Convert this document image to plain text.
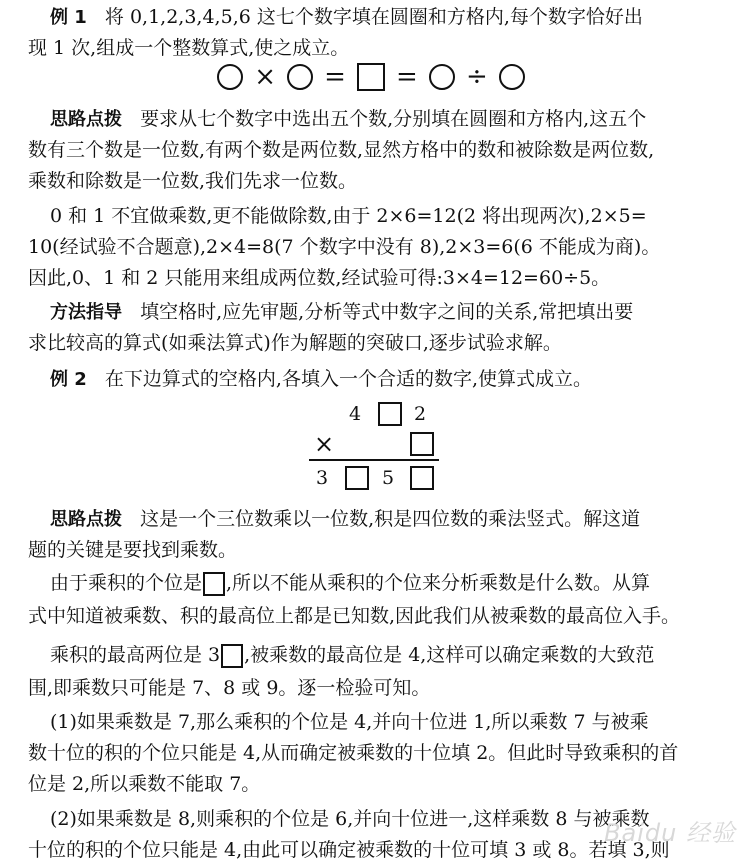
例 1 将 0,1,2,3,4,5,6 这七个数字填在圆圈和方格内,每个数字恰好出
现 1 次,组成一个整数算式,使之成立。
× = = ÷
思路点拨 要求从七个数字中选出五个数,分别填在圆圈和方格内,这五个
数有三个数是一位数,有两个数是两位数,显然方格中的数和被除数是两位数,
乘数和除数是一位数,我们先求一位数。
0 和 1 不宜做乘数,更不能做除数,由于 2×6=12(2 将出现两次),2×5=
10(经试验不合题意),2×4=8(7 个数字中没有 8),2×3=6(6 不能成为商)。
因此,0、1 和 2 只能用来组成两位数,经试验可得:3×4=12=60÷5。
方法指导 填空格时,应先审题,分析等式中数字之间的关系,常把填出要
求比较高的算式(如乘法算式)作为解题的突破口,逐步试验求解。
例 2 在下边算式的空格内,各填入一个合适的数字,使算式成立。
4	2
×
3	5
思路点拨 这是一个三位数乘以一位数,积是四位数的乘法竖式。解这道
题的关键是要找到乘数。
由于乘积的个位是 ,所以不能从乘积的个位来分析乘数是什么数。从算
式中知道被乘数、积的最高位上都是已知数,因此我们从被乘数的最高位入手。
乘积的最高两位是 3 ,被乘数的最高位是 4,这样可以确定乘数的大致范
围,即乘数只可能是 7、8 或 9。逐一检验可知。
(1)如果乘数是 7,那么乘积的个位是 4,并向十位进 1,所以乘数 7 与被乘
数十位的积的个位只能是 4,从而确定被乘数的十位填 2。但此时导致乘积的首
位是 2,所以乘数不能取 7。
(2)如果乘数是 8,则乘积的个位是 6,并向十位进一,这样乘数 8 与被乘数
十位的积的个位只能是 4,由此可以确定被乘数的十位可填 3 或 8。若填 3,则
Baidu 经验
